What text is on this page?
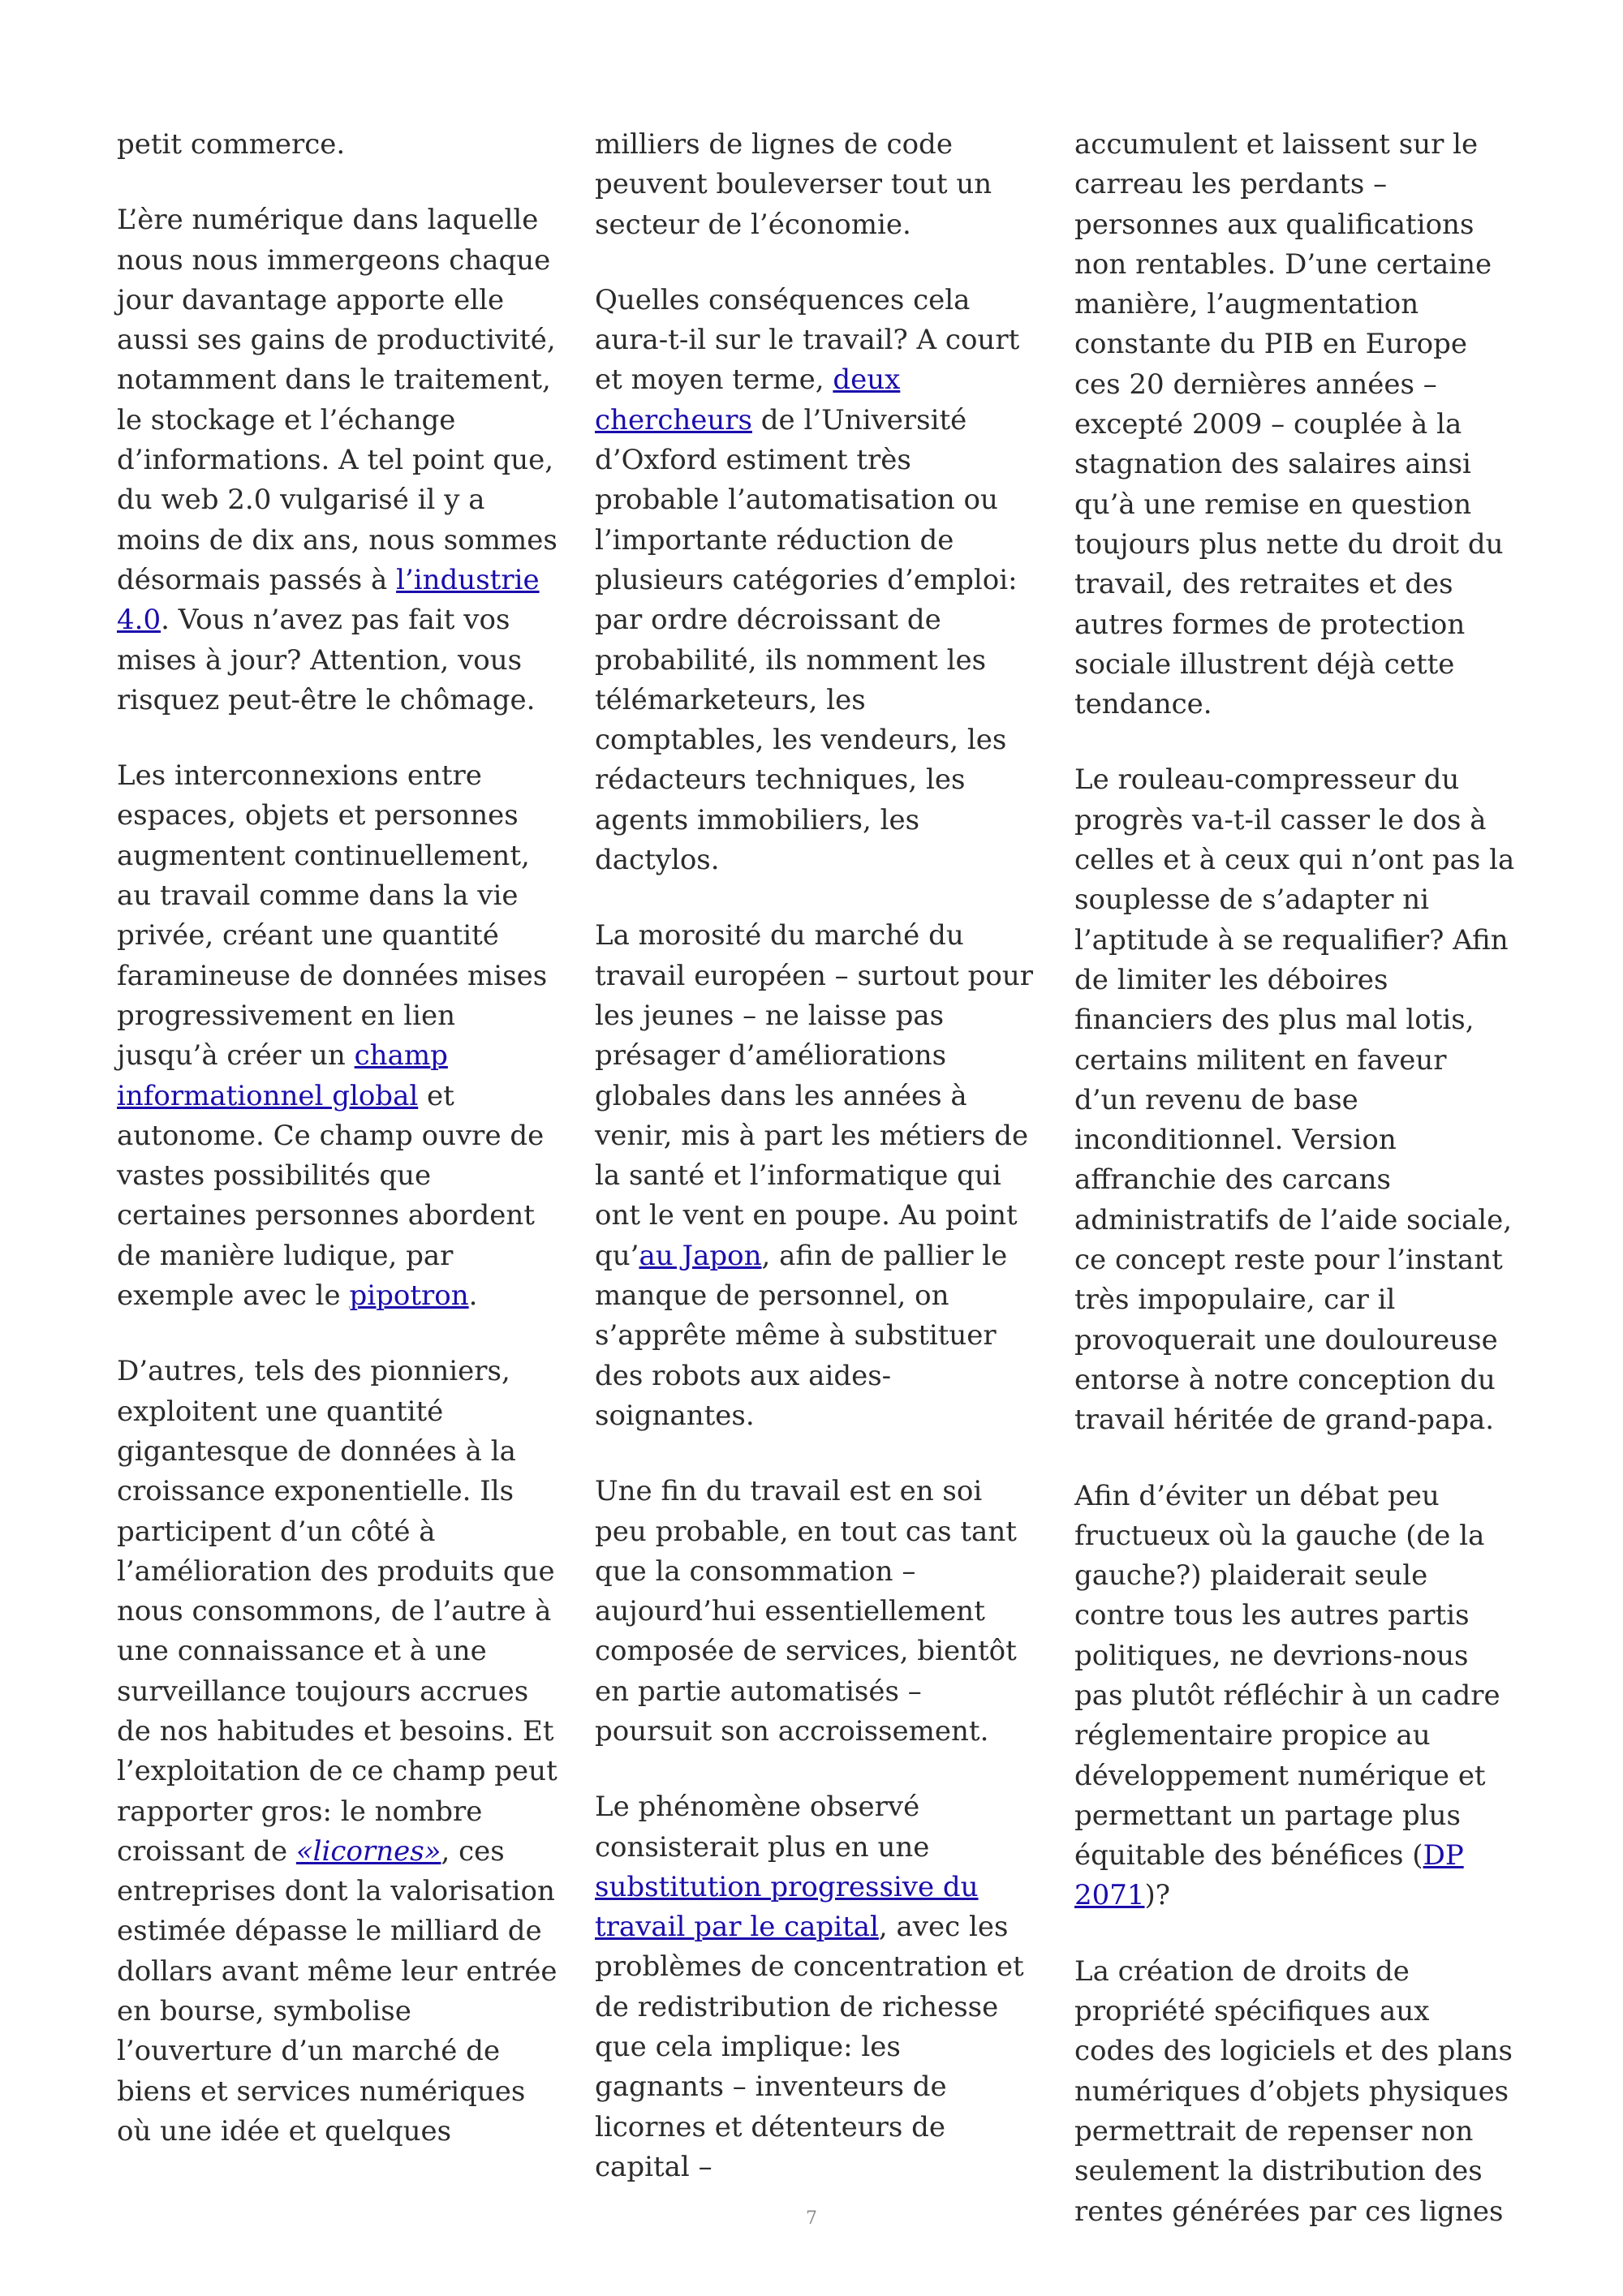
petit commerce.

L’ère numérique dans laquelle nous nous immergeons chaque jour davantage apporte elle aussi ses gains de productivité, notamment dans le traitement, le stockage et l’échange d’informations. A tel point que, du web 2.0 vulgarisé il y a moins de dix ans, nous sommes désormais passés à l’industrie 4.0. Vous n’avez pas fait vos mises à jour? Attention, vous risquez peut-être le chômage.

Les interconnexions entre espaces, objets et personnes augmentent continuellement, au travail comme dans la vie privée, créant une quantité faramineuse de données mises progressivement en lien jusqu’à créer un champ informationnel global et autonome. Ce champ ouvre de vastes possibilités que certaines personnes abordent de manière ludique, par exemple avec le pipotron.

D’autres, tels des pionniers, exploitent une quantité gigantesque de données à la croissance exponentielle. Ils participent d’un côté à l’amélioration des produits que nous consommons, de l’autre à une connaissance et à une surveillance toujours accrues de nos habitudes et besoins. Et l’exploitation de ce champ peut rapporter gros: le nombre croissant de «licornes», ces entreprises dont la valorisation estimée dépasse le milliard de dollars avant même leur entrée en bourse, symbolise l’ouverture d’un marché de biens et services numériques où une idée et quelques

milliers de lignes de code peuvent bouleverser tout un secteur de l’économie.

Quelles conséquences cela aura-t-il sur le travail? A court et moyen terme, deux chercheurs de l’Université d’Oxford estiment très probable l’automatisation ou l’importante réduction de plusieurs catégories d’emploi: par ordre décroissant de probabilité, ils nomment les télémarketeurs, les comptables, les vendeurs, les rédacteurs techniques, les agents immobiliers, les dactylos.

La morosité du marché du travail européen – surtout pour les jeunes – ne laisse pas présager d’améliorations globales dans les années à venir, mis à part les métiers de la santé et l’informatique qui ont le vent en poupe. Au point qu’au Japon, afin de pallier le manque de personnel, on s’apprête même à substituer des robots aux aides-soignantes.

Une fin du travail est en soi peu probable, en tout cas tant que la consommation – aujourd’hui essentiellement composée de services, bientôt en partie automatisés – poursuit son accroissement.

Le phénomène observé consisterait plus en une substitution progressive du travail par le capital, avec les problèmes de concentration et de redistribution de richesse que cela implique: les gagnants – inventeurs de licornes et détenteurs de capital –

accumulent et laissent sur le carreau les perdants – personnes aux qualifications non rentables. D’une certaine manière, l’augmentation constante du PIB en Europe ces 20 dernières années – excepté 2009 – couplée à la stagnation des salaires ainsi qu’à une remise en question toujours plus nette du droit du travail, des retraites et des autres formes de protection sociale illustrent déjà cette tendance.

Le rouleau-compresseur du progrès va-t-il casser le dos à celles et à ceux qui n’ont pas la souplesse de s’adapter ni l’aptitude à se requalifier? Afin de limiter les déboires financiers des plus mal lotis, certains militent en faveur d’un revenu de base inconditionnel. Version affranchie des carcans administratifs de l’aide sociale, ce concept reste pour l’instant très impopulaire, car il provoquerait une douloureuse entorse à notre conception du travail héritée de grand-papa.

Afin d’éviter un débat peu fructueux où la gauche (de la gauche?) plaiderait seule contre tous les autres partis politiques, ne devrions-nous pas plutôt réfléchir à un cadre réglementaire propice au développement numérique et permettant un partage plus équitable des bénéfices (DP 2071)?

La création de droits de propriété spécifiques aux codes des logiciels et des plans numériques d’objets physiques permettrait de repenser non seulement la distribution des rentes générées par ces lignes

7
